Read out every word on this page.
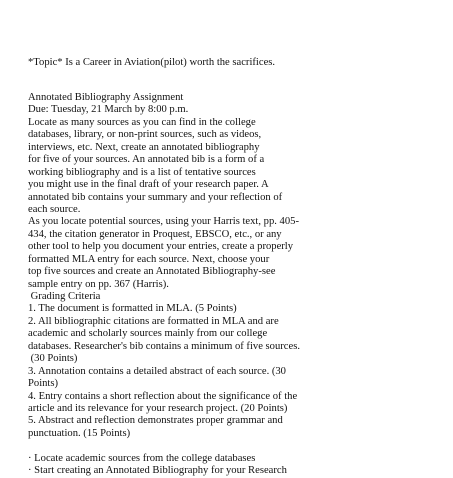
*Topic* Is a Career in Aviation(pilot) worth the sacrifices.
Annotated Bibliography Assignment
Due: Tuesday, 21 March by 8:00 p.m.
Locate as many sources as you can find in the college
databases, library, or non-print sources, such as videos,
interviews, etc. Next, create an annotated bibliography
for five of your sources. An annotated bib is a form of a
working bibliography and is a list of tentative sources
you might use in the final draft of your research paper. A
annotated bib contains your summary and your reflection of
each source.
As you locate potential sources, using your Harris text, pp. 405-
434, the citation generator in Proquest, EBSCO, etc., or any
other tool to help you document your entries, create a properly
formatted MLA entry for each source. Next, choose your
top five sources and create an Annotated Bibliography-see
sample entry on pp. 367 (Harris).
Grading Criteria
1. The document is formatted in MLA. (5 Points)
2. All bibliographic citations are formatted in MLA and are
academic and scholarly sources mainly from our college
databases. Researcher's bib contains a minimum of five sources.
(30 Points)
3. Annotation contains a detailed abstract of each source. (30
Points)
4. Entry contains a short reflection about the significance of the
article and its relevance for your research project. (20 Points)
5. Abstract and reflection demonstrates proper grammar and
punctuation. (15 Points)
· Locate academic sources from the college databases
· Start creating an Annotated Bibliography for your Research
